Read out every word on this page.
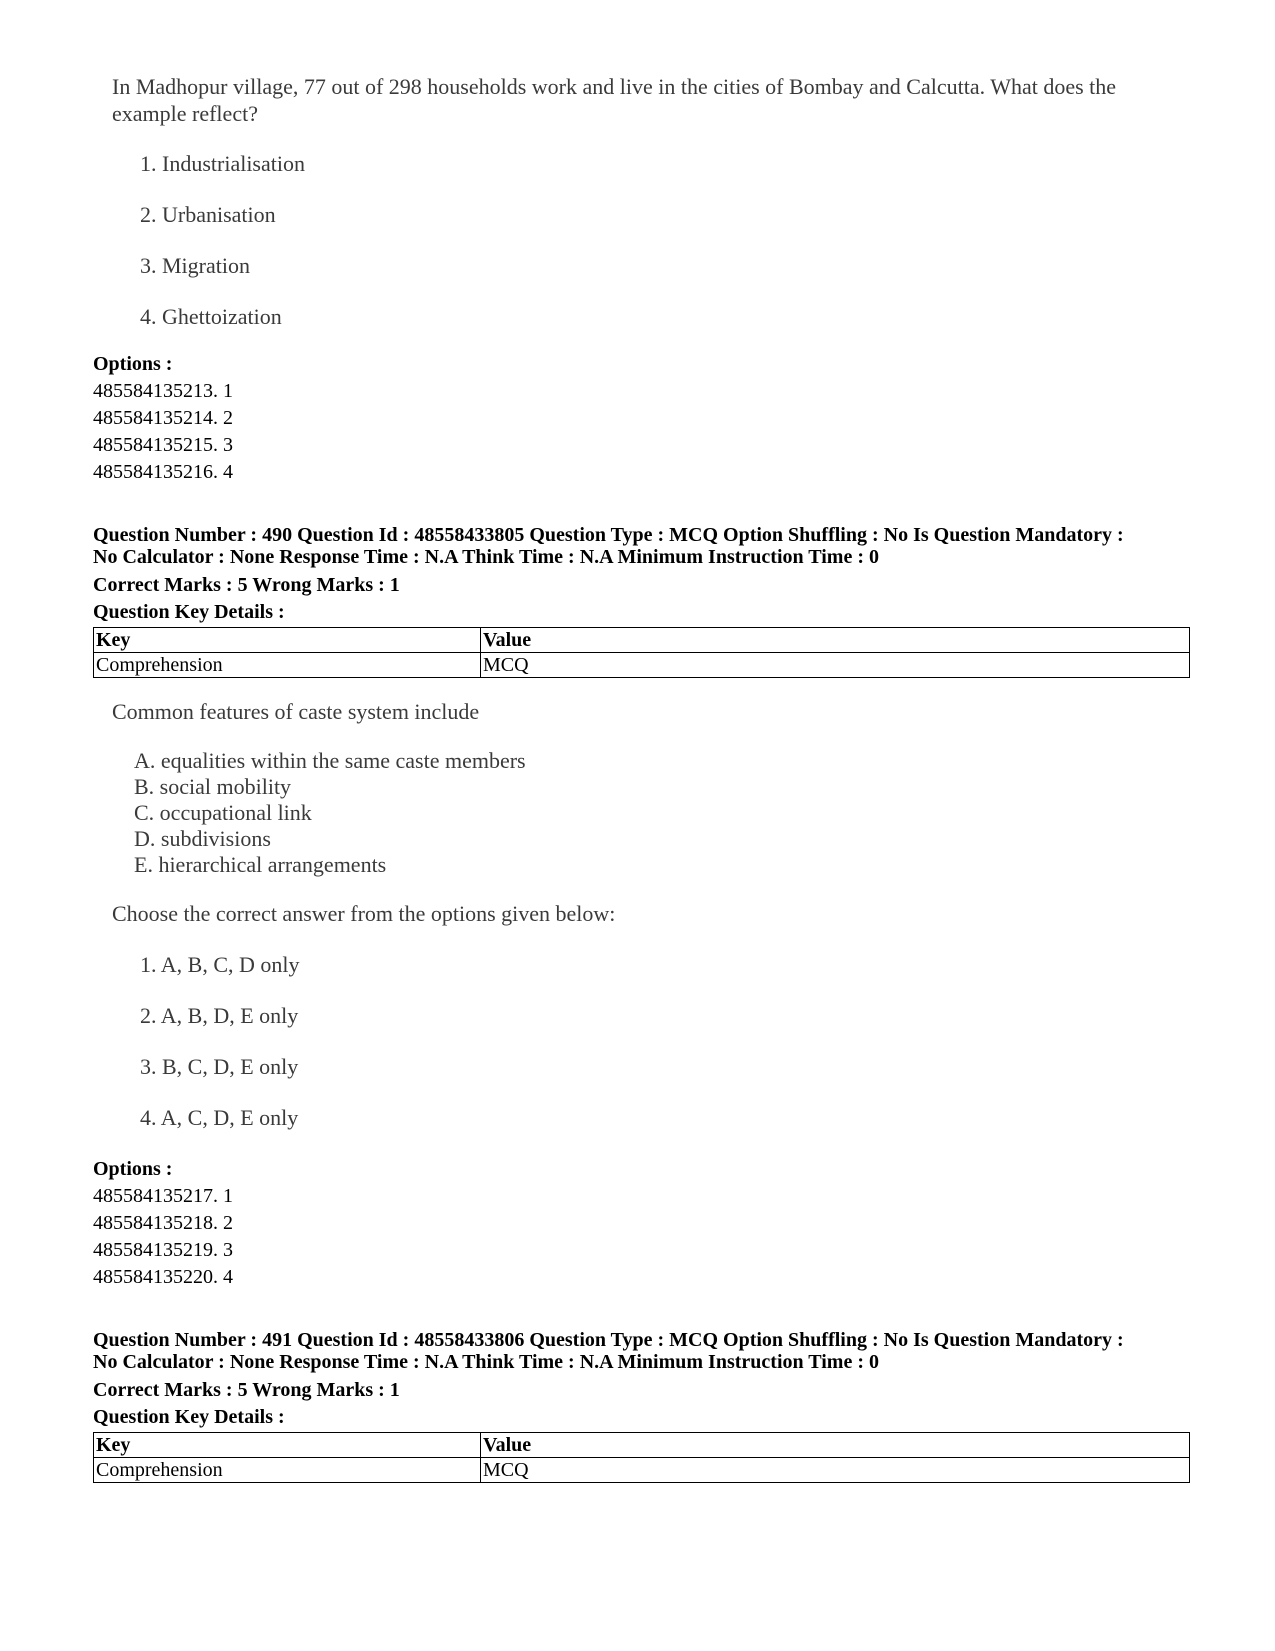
In Madhopur village, 77 out of 298 households work and live in the cities of Bombay and Calcutta. What does the example reflect?

1. Industrialisation
2. Urbanisation
3. Migration
4. Ghettoization
Options :
485584135213. 1
485584135214. 2
485584135215. 3
485584135216. 4
Question Number : 490 Question Id : 48558433805 Question Type : MCQ Option Shuffling : No Is Question Mandatory :
No Calculator : None Response Time : N.A Think Time : N.A Minimum Instruction Time : 0
Correct Marks : 5 Wrong Marks : 1
Question Key Details :
Key	Value
Comprehension	MCQ
Common features of caste system include
A. equalities within the same caste members
B. social mobility
C. occupational link
D. subdivisions
E. hierarchical arrangements
Choose the correct answer from the options given below:
1. A, B, C, D only
2. A, B, D, E only
3. B, C, D, E only
4. A, C, D, E only
Options :
485584135217. 1
485584135218. 2
485584135219. 3
485584135220. 4
Question Number : 491 Question Id : 48558433806 Question Type : MCQ Option Shuffling : No Is Question Mandatory :
No Calculator : None Response Time : N.A Think Time : N.A Minimum Instruction Time : 0
Correct Marks : 5 Wrong Marks : 1
Question Key Details :
Key	Value
Comprehension	MCQ
